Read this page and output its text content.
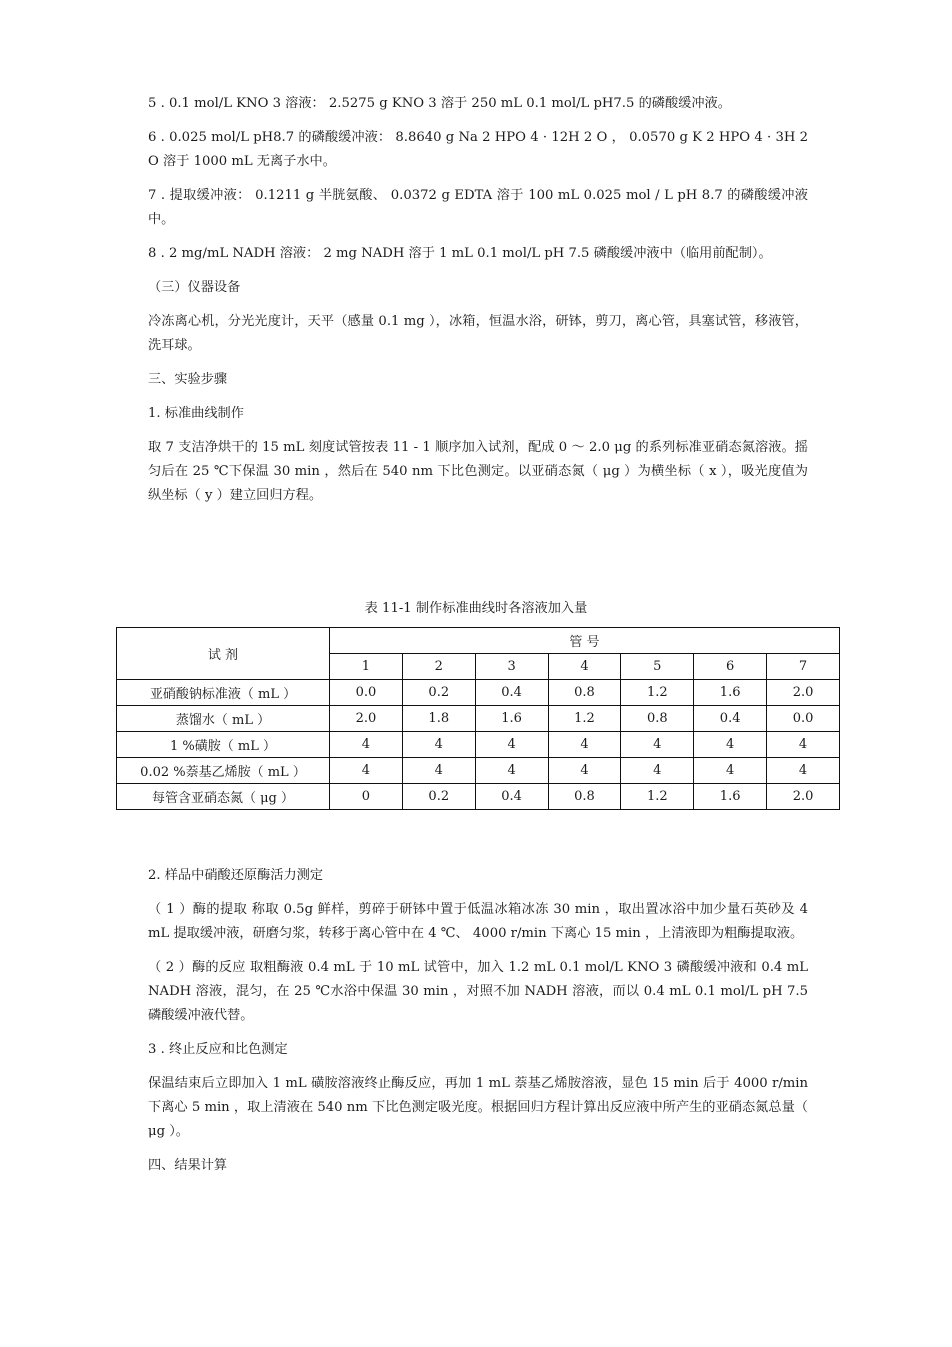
5 . 0.1 mol/L KNO 3 溶液： 2.5275 g KNO 3 溶于 250 mL 0.1 mol/L pH7.5 的磷酸缓冲液。

6 . 0.025 mol/L pH8.7 的磷酸缓冲液： 8.8640 g Na 2 HPO 4 · 12H 2 O ， 0.0570 g K 2 HPO 4 · 3H 2 O 溶于 1000 mL 无离子水中。

7 . 提取缓冲液： 0.1211 g 半胱氨酸、 0.0372 g EDTA 溶于 100 mL 0.025 mol / L pH 8.7 的磷酸缓冲液中。

8 . 2 mg/mL NADH 溶液： 2 mg NADH 溶于 1 mL 0.1 mol/L pH 7.5 磷酸缓冲液中（临用前配制）。

（三）仪器设备

冷冻离心机，分光光度计，天平（感量 0.1 mg ），冰箱，恒温水浴，研钵，剪刀，离心管，具塞试管，移液管，洗耳球。

三、实验步骤

1. 标准曲线制作

取 7 支洁净烘干的 15 mL 刻度试管按表 11 - 1 顺序加入试剂，配成 0 ～ 2.0 μg 的系列标准亚硝态氮溶液。摇匀后在 25 ℃下保温 30 min ，然后在 540 nm 下比色测定。以亚硝态氮（ μg ）为横坐标（ x ），吸光度值为纵坐标（ y ）建立回归方程。

表 11-1 制作标准曲线时各溶液加入量
试 剂	管 号						
	1	2	3	4	5	6	7
亚硝酸钠标准液（ mL ）	0.0	0.2	0.4	0.8	1.2	1.6	2.0
蒸馏水（ mL ）	2.0	1.8	1.6	1.2	0.8	0.4	0.0
1 %磺胺（ mL ）	4	4	4	4	4	4	4
0.02 %萘基乙烯胺（ mL ）	4	4	4	4	4	4	4
每管含亚硝态氮（ μg ）	0	0.2	0.4	0.8	1.2	1.6	2.0

2. 样品中硝酸还原酶活力测定

（ 1 ）酶的提取 称取 0.5g 鲜样，剪碎于研钵中置于低温冰箱冰冻 30 min ，取出置冰浴中加少量石英砂及 4 mL 提取缓冲液，研磨匀浆，转移于离心管中在 4 ℃、 4000 r/min 下离心 15 min ，上清液即为粗酶提取液。

（ 2 ）酶的反应 取粗酶液 0.4 mL 于 10 mL 试管中，加入 1.2 mL 0.1 mol/L KNO 3 磷酸缓冲液和 0.4 mL NADH 溶液，混匀，在 25 ℃水浴中保温 30 min ，对照不加 NADH 溶液，而以 0.4 mL 0.1 mol/L pH 7.5 磷酸缓冲液代替。

3 . 终止反应和比色测定

保温结束后立即加入 1 mL 磺胺溶液终止酶反应，再加 1 mL 萘基乙烯胺溶液，显色 15 min 后于 4000 r/min 下离心 5 min ，取上清液在 540 nm 下比色测定吸光度。根据回归方程计算出反应液中所产生的亚硝态氮总量（ μg ）。

四、结果计算
